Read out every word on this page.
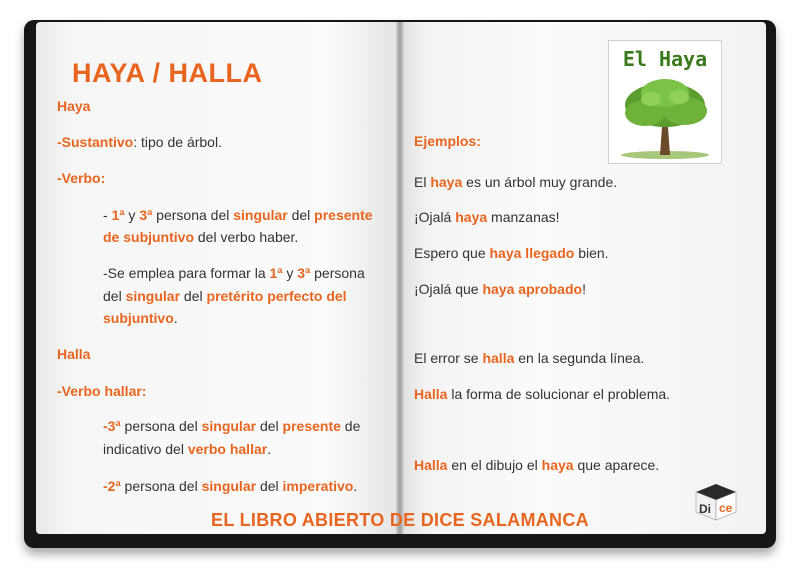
HAYA / HALLA
Haya
-Sustantivo: tipo de árbol.
-Verbo:
- 1ª y 3ª persona del singular del presente
de subjuntivo del verbo haber.
-Se emplea para formar la 1ª y 3ª persona
del singular del pretérito perfecto del
subjuntivo.
Halla
-Verbo hallar:
-3ª persona del singular del presente de
indicativo del verbo hallar.
-2ª persona del singular del imperativo.
El Haya
Ejemplos:
El haya es un árbol muy grande.
¡Ojalá haya manzanas!
Espero que haya llegado bien.
¡Ojalá que haya aprobado!
El error se halla en la segunda línea.
Halla la forma de solucionar el problema.
Halla en el dibujo el haya que aparece.
Di ce
EL LIBRO ABIERTO DE DICE SALAMANCA
